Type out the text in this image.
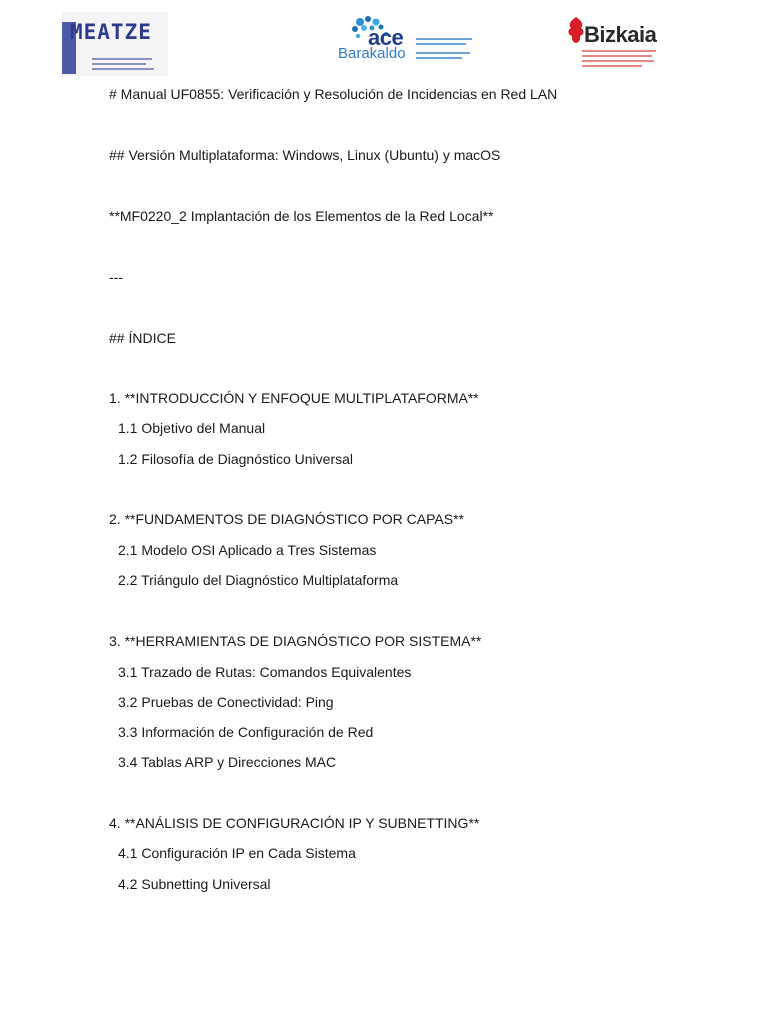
MEATZE	ace
Barakaldo
Bizkaia
# Manual UF0855: Verificación y Resolución de Incidencias en Red LAN
## Versión Multiplataforma: Windows, Linux (Ubuntu) y macOS
**MF0220_2 Implantación de los Elementos de la Red Local**
---
## ÍNDICE
1. **INTRODUCCIÓN Y ENFOQUE MULTIPLATAFORMA**
1.1 Objetivo del Manual
1.2 Filosofía de Diagnóstico Universal
2. **FUNDAMENTOS DE DIAGNÓSTICO POR CAPAS**
2.1 Modelo OSI Aplicado a Tres Sistemas
2.2 Triángulo del Diagnóstico Multiplataforma
3. **HERRAMIENTAS DE DIAGNÓSTICO POR SISTEMA**
3.1 Trazado de Rutas: Comandos Equivalentes
3.2 Pruebas de Conectividad: Ping
3.3 Información de Configuración de Red
3.4 Tablas ARP y Direcciones MAC
4. **ANÁLISIS DE CONFIGURACIÓN IP Y SUBNETTING**
4.1 Configuración IP en Cada Sistema
4.2 Subnetting Universal
